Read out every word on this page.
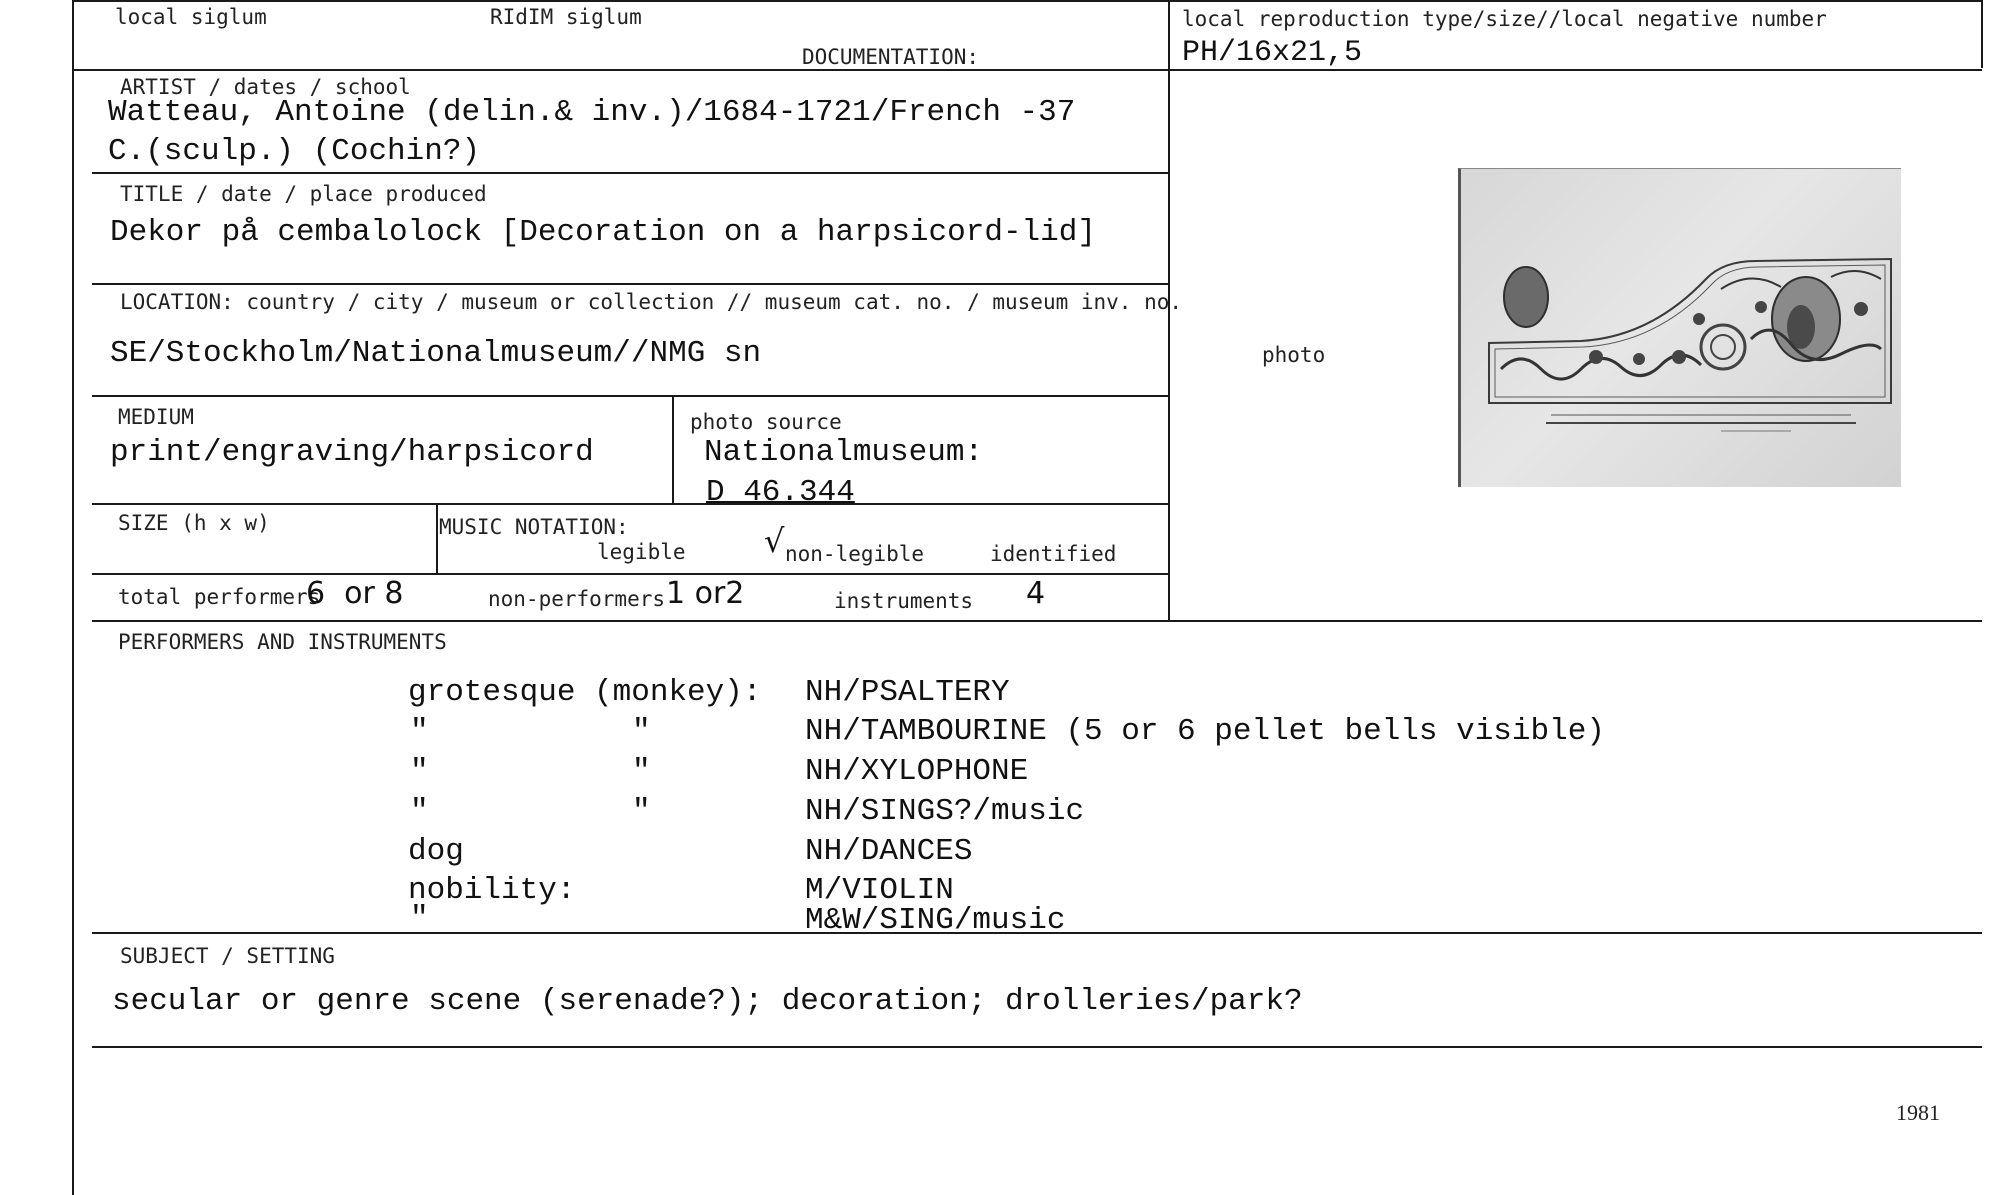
local siglum	RIdIM siglum
DOCUMENTATION:
local reproduction type/size//local negative number
PH/16x21,5
ARTIST / dates / school
Watteau, Antoine (delin.& inv.)/1684-1721/French -37
C.(sculp.) (Cochin?)
TITLE / date / place produced
Dekor på cembalolock [Decoration on a harpsicord-lid]
LOCATION: country / city / museum or collection // museum cat. no. / museum inv. no.
SE/Stockholm/Nationalmuseum//NMG sn
MEDIUM
print/engraving/harpsicord
photo source
Nationalmuseum:
D 46.344
SIZE (h x w)	MUSIC NOTATION:
legible √ non-legible	identified
total performers
6  or 8	non-performers 1 or2	instruments 4
photo
PERFORMERS AND INSTRUMENTS
grotesque (monkey): NH/PSALTERY
"	"	NH/TAMBOURINE (5 or 6 pellet bells visible)
"	"	NH/XYLOPHONE
"	"	NH/SINGS?/music
dog	NH/DANCES
nobility:	M/VIOLIN
"	M&W/SING/music
SUBJECT / SETTING
secular or genre scene (serenade?); decoration; drolleries/park?
1981
